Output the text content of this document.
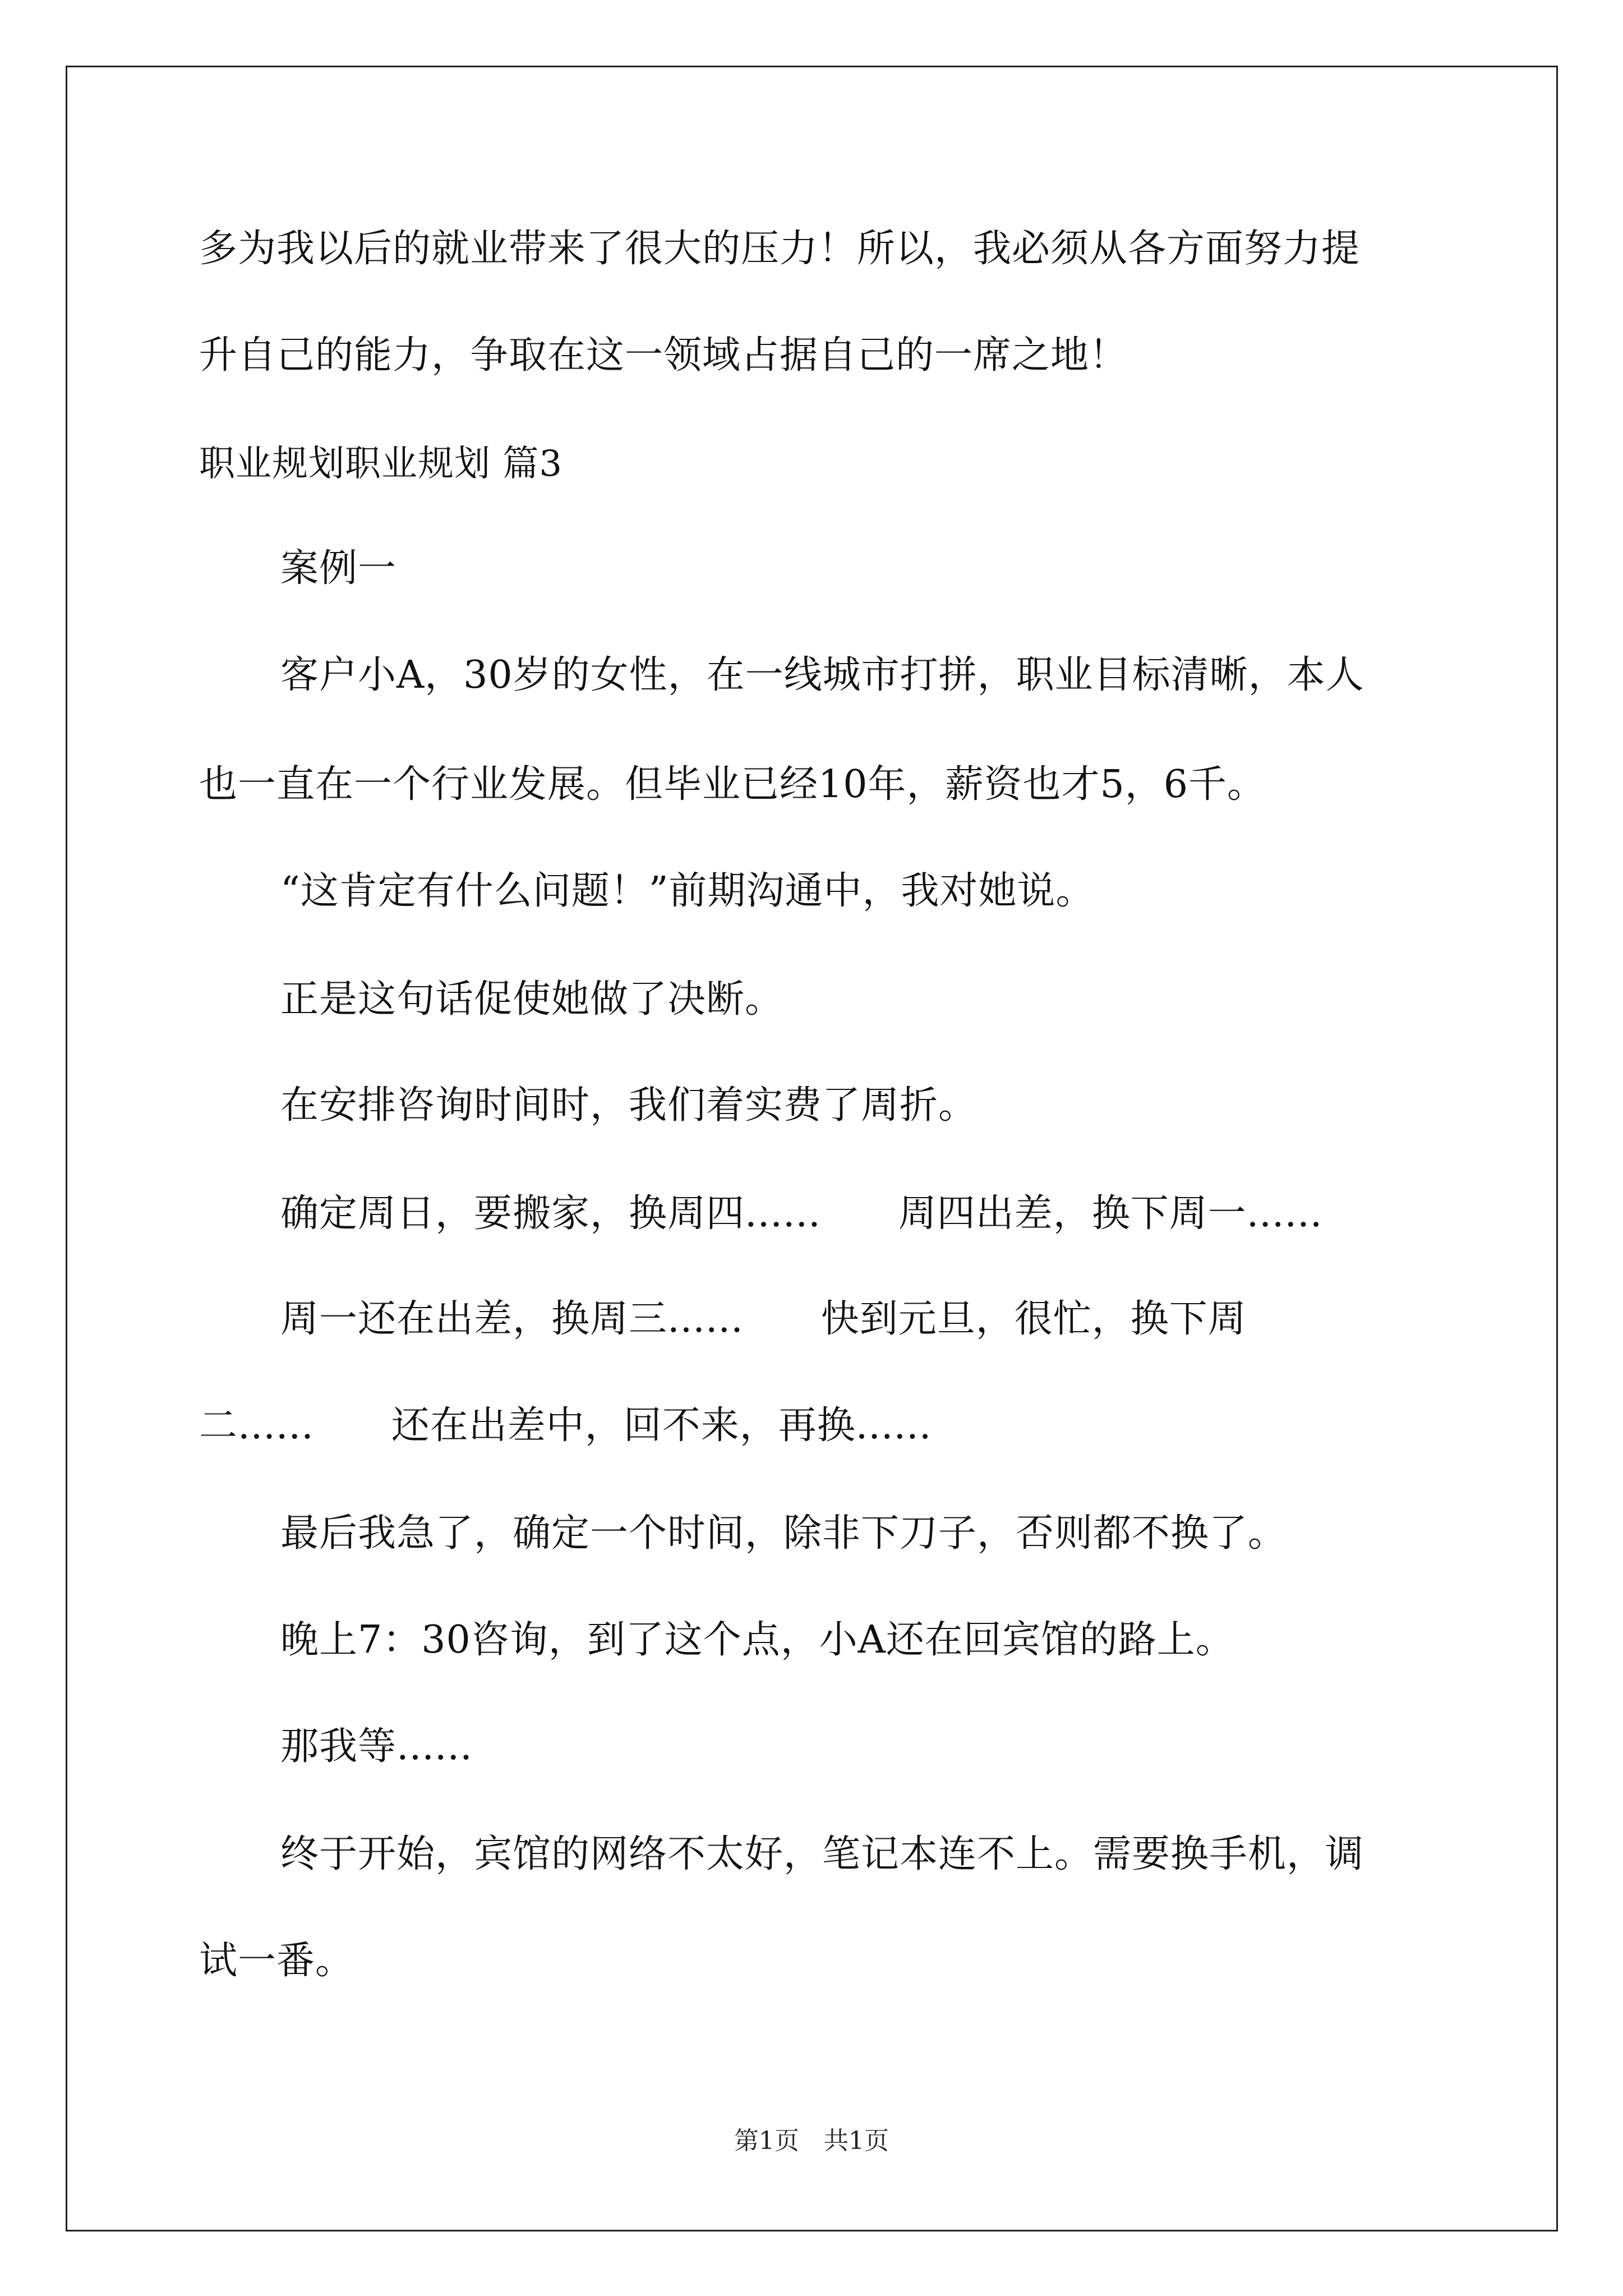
多为我以后的就业带来了很大的压力！所以，我必须从各方面努力提
升自己的能力，争取在这一领域占据自己的一席之地！
职业规划职业规划 篇3
案例一
客户小A，30岁的女性，在一线城市打拼，职业目标清晰，本人
也一直在一个行业发展。但毕业已经10年，薪资也才5，6千。
“这肯定有什么问题！”前期沟通中，我对她说。
正是这句话促使她做了决断。
在安排咨询时间时，我们着实费了周折。
确定周日，要搬家，换周四......　　周四出差，换下周一......
周一还在出差，换周三......　　快到元旦，很忙，换下周
二......　　还在出差中，回不来，再换......
最后我急了，确定一个时间，除非下刀子，否则都不换了。
晚上7：30咨询，到了这个点，小A还在回宾馆的路上。
那我等......
终于开始，宾馆的网络不太好，笔记本连不上。需要换手机，调
试一番。
第1页　共1页
